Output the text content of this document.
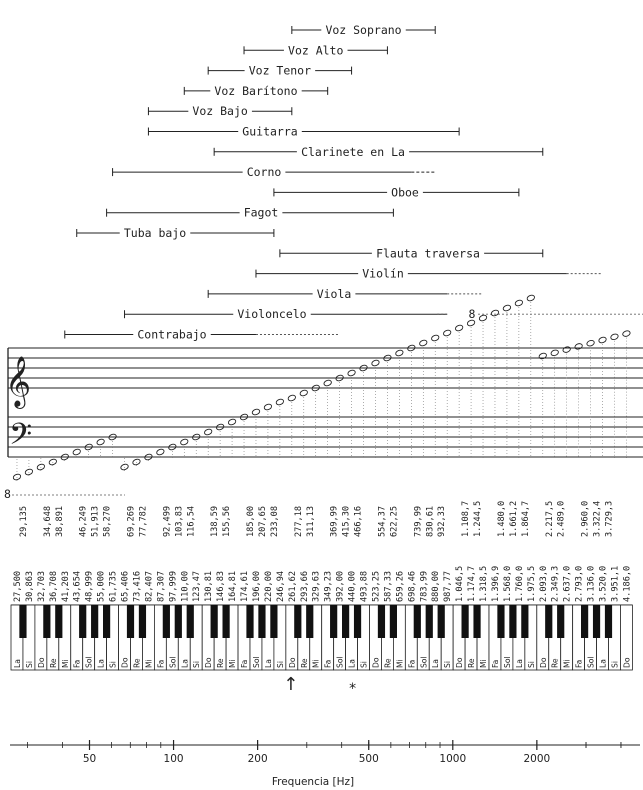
Voz Soprano
Voz Alto
Voz Tenor
Voz Barítono
Voz Bajo
Guitarra
Clarinete en La
Corno
Oboe
Fagot
Tuba bajo
Flauta traversa
Violín
Viola
Violoncelo	8
Contrabajo
𝄞
𝄢
8
27,500 30,863 32,703 36,708 41,203 43,654 48,999 55,000 61,735 65,406 73,416 82,407 87,307 97,999 110,00 123,47 130,81 146,83 164,81 174,61 196,00 220,00 246,94 261,62 293,66 329,63 349,23 392,00 440,00 493,88 523,25 587,33 659,26 698,46 783,99 880,00 987,77 1.046,5 1.174,7 1.318,5 1.396,9 1.568,0 1.760,0 1.975,5 2.093,0 2.349,3 2.637,0 2.793,0 3.136,0 3.520,0 3.951,1 4.186,0
29,135 34,648 38,891 46,249 51,913 58,270 69,269 77,782 92,499 103,83 116,54 138,59 155,56 185,00 207,65 233,08 277,18 311,13 369,99 415,30 466,16 554,37 622,25 739,99 830,61 932,33 1.108,7 1.244,5 1.480,0 1.661,2 1.864,7 2.217,5 2.489,0 2.960,0 3.322,4 3.729,3
La Si Do Re Mi Fa Sol La Si Do Re Mi Fa Sol La Si Do Re Mi Fa Sol La Si Do Re Mi Fa Sol La Si Do Re Mi Fa Sol La Si Do Re Mi Fa Sol La Si Do Re Mi Fa Sol La Si Do
↑	*
50	100	200	500	1000	2000
Frequencia [Hz]
